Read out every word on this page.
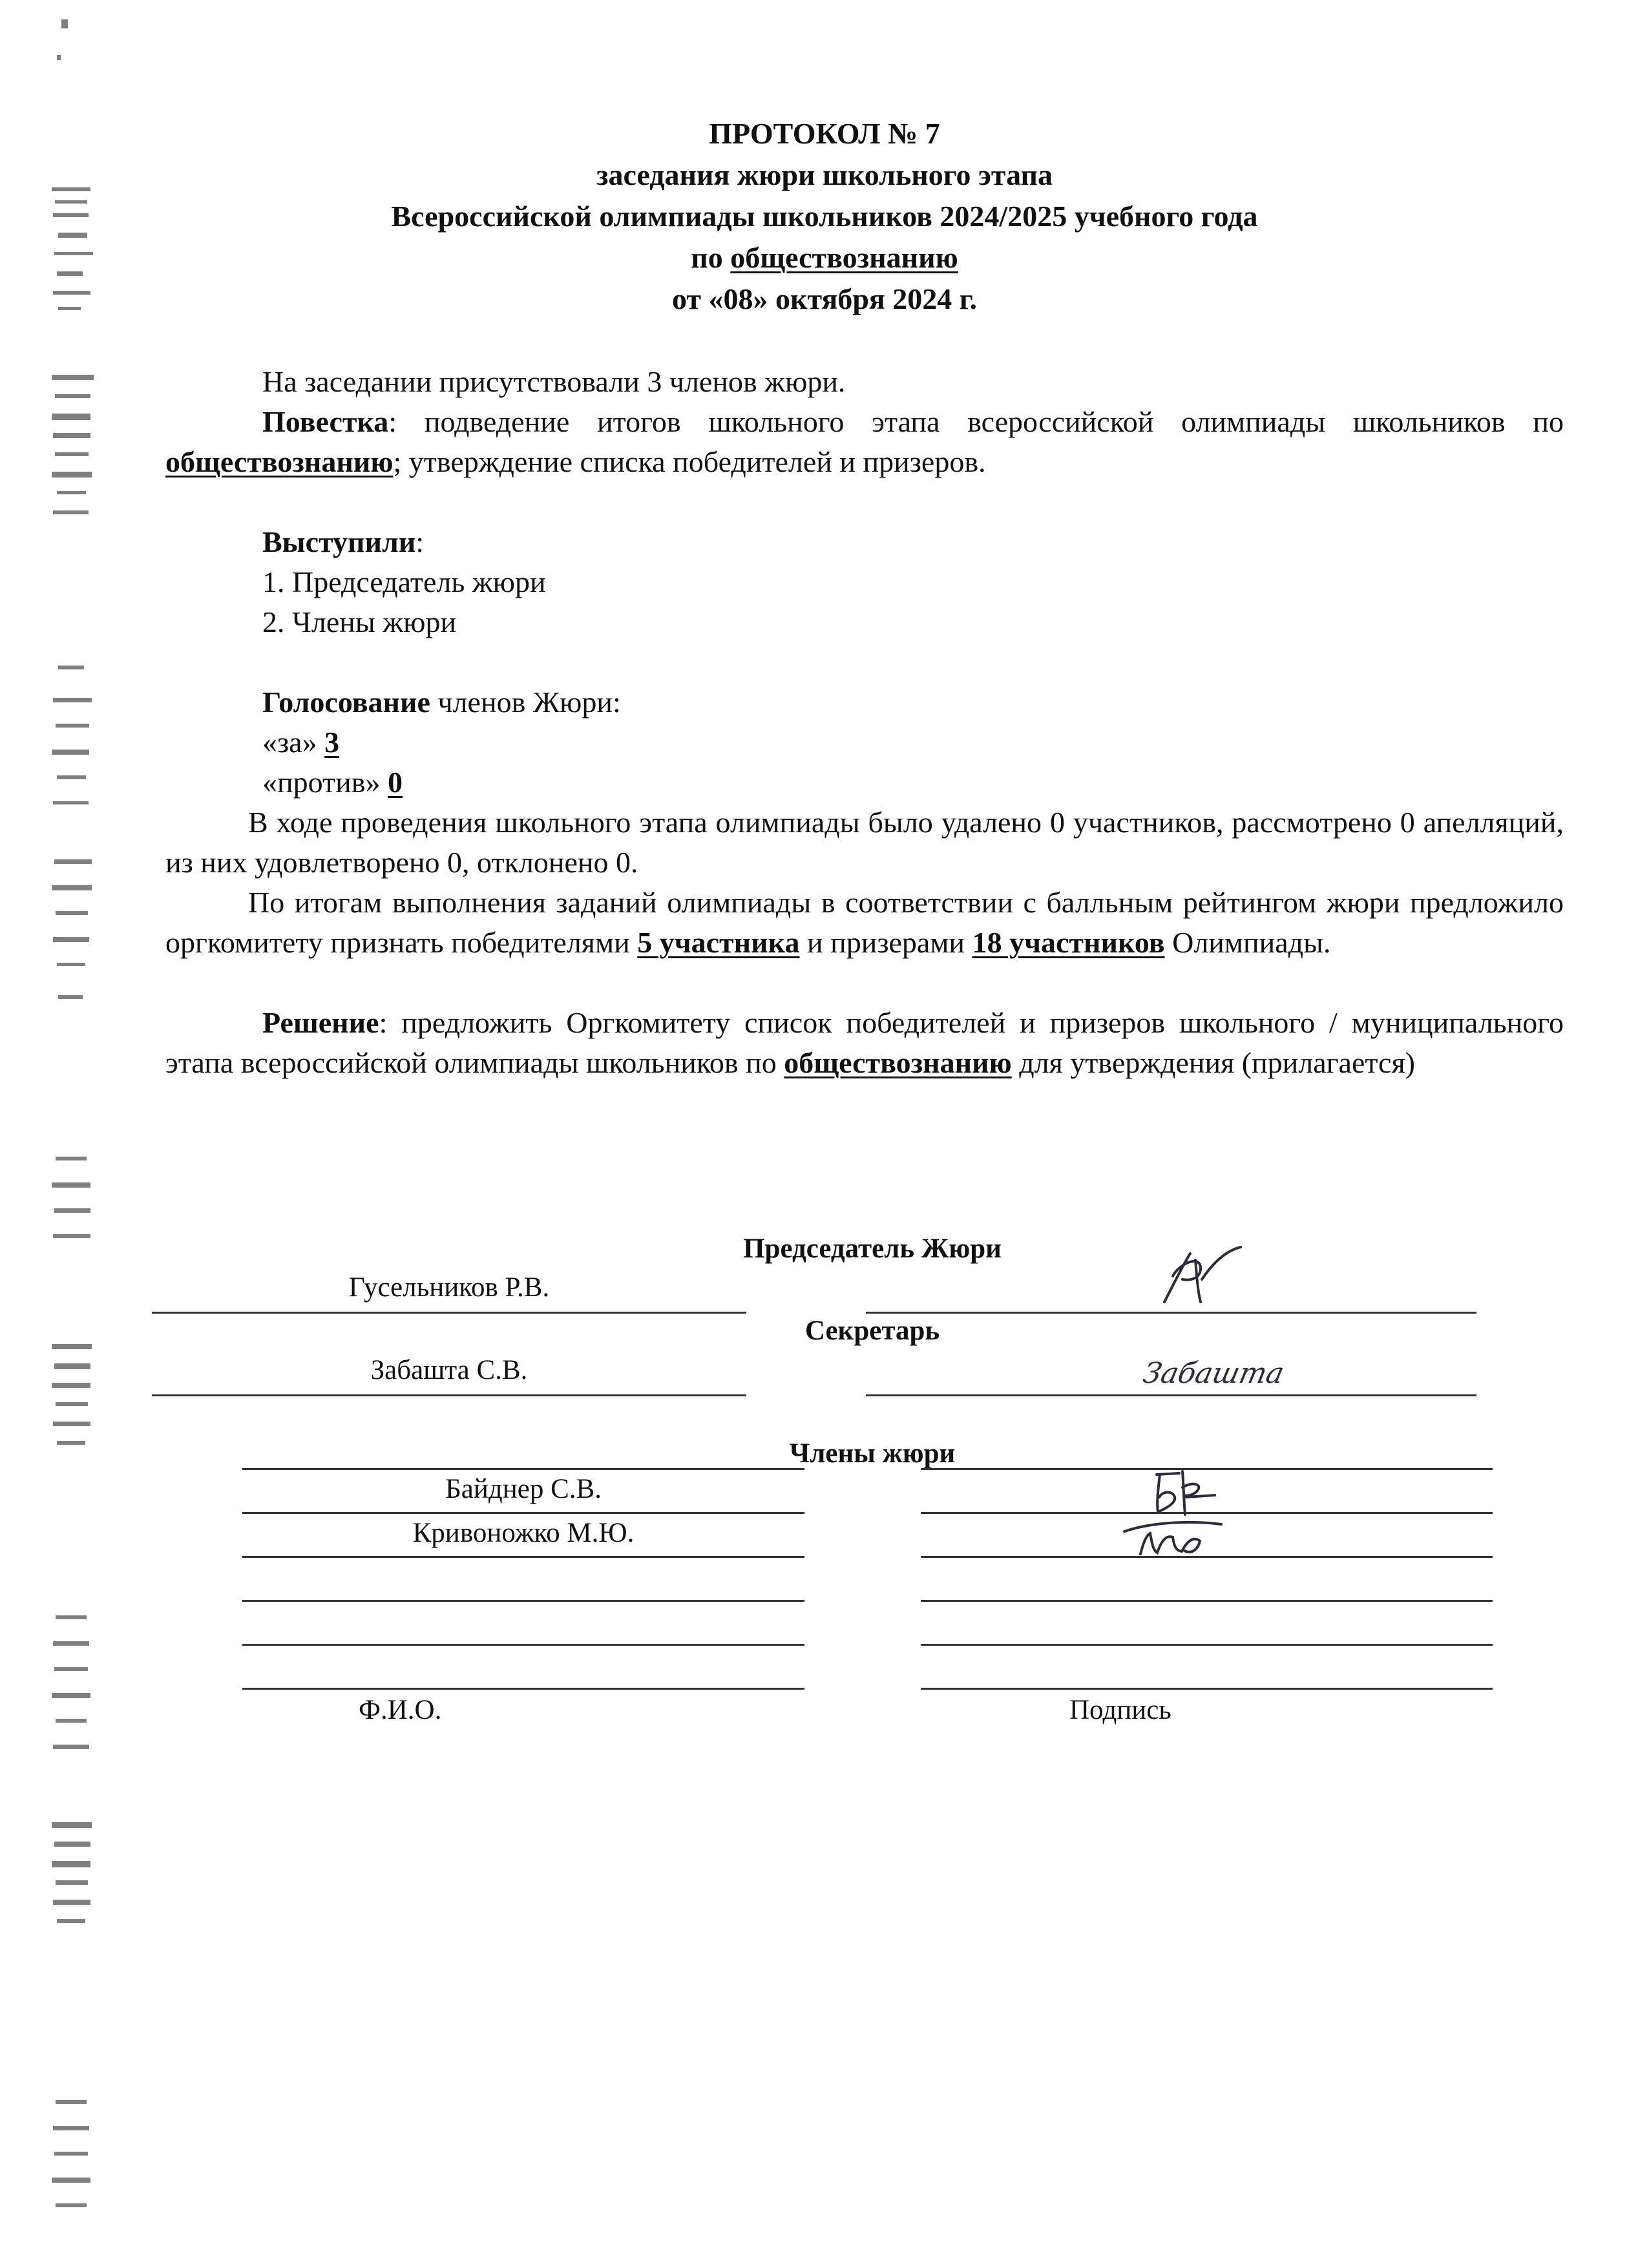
ПРОТОКОЛ № 7
заседания жюри школьного этапа
Всероссийской олимпиады школьников 2024/2025 учебного года
по обществознанию
от «08» октября 2024 г.

На заседании присутствовали 3 членов жюри.

Повестка: подведение итогов школьного этапа всероссийской олимпиады школьников по обществознанию; утверждение списка победителей и призеров.

Выступили:

1. Председатель жюри

2. Члены жюри

Голосование членов Жюри:

«за» 3

«против» 0

В ходе проведения школьного этапа олимпиады было удалено 0 участников, рассмотрено 0 апелляций, из них удовлетворено 0, отклонено 0.

По итогам выполнения заданий олимпиады в соответствии с балльным рейтингом жюри предложило оргкомитету признать победителями 5 участника и призерами 18 участников Олимпиады.

Решение: предложить Оргкомитету список победителей и призеров школьного / муниципального этапа всероссийской олимпиады школьников по обществознанию для утверждения (прилагается)

Председатель Жюри
Гусельников Р.В.
Секретарь
Забашта С.В.	Забашта
Члены жюри
Байднер С.В.
Кривоножко М.Ю.
Ф.И.О.	Подпись
